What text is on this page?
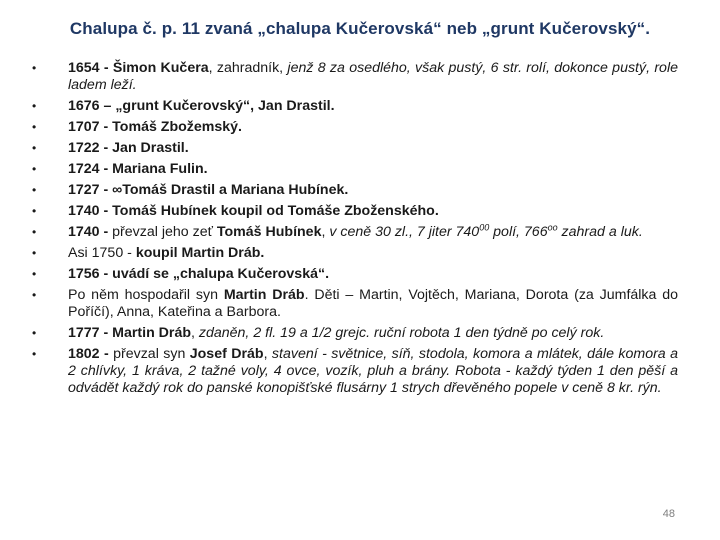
Chalupa č. p. 11 zvaná „chalupa Kučerovská“ neb „grunt Kučerovský“.
•	1654 - Šimon Kučera, zahradník, jenž 8 za osedlého, však pustý, 6 str. rolí, dokonce pustý, role ladem leží.
•	1676 – „grunt Kučerovský“, Jan Drastil.
•	1707 - Tomáš Zbožemský.
•	1722 - Jan Drastil.
•	1724 - Mariana Fulin.
•	1727 - ∞Tomáš Drastil a Mariana Hubínek.
•	1740 - Tomáš Hubínek koupil od Tomáše Zboženského.
•	1740 - převzal jeho zeť Tomáš Hubínek, v ceně 30 zl., 7 jiter $740^{00}$ polí, $766^{oo}$ zahrad a luk.
•	Asi 1750 - koupil Martin Dráb.
•	1756 - uvádí se „chalupa Kučerovská“.
•	Po něm hospodařil syn Martin Dráb. Děti – Martin, Vojtěch, Mariana, Dorota (za Jumfálka do Poříčí), Anna, Kateřina a Barbora.
•	1777 - Martin Dráb, zdaněn, 2 fl. 19 a 1/2 grejc. ruční robota 1 den týdně po celý rok.
•	1802 - převzal syn Josef Dráb, stavení - světnice, síň, stodola, komora a mlátek, dále komora a 2 chlívky, 1 kráva, 2 tažné voly, 4 ovce, vozík, pluh a brány. Robota - každý týden 1 den pěší a odvádět každý rok do panské konopišťské flusárny 1 strych dřevěného popele v ceně 8 kr. rýn.
48
